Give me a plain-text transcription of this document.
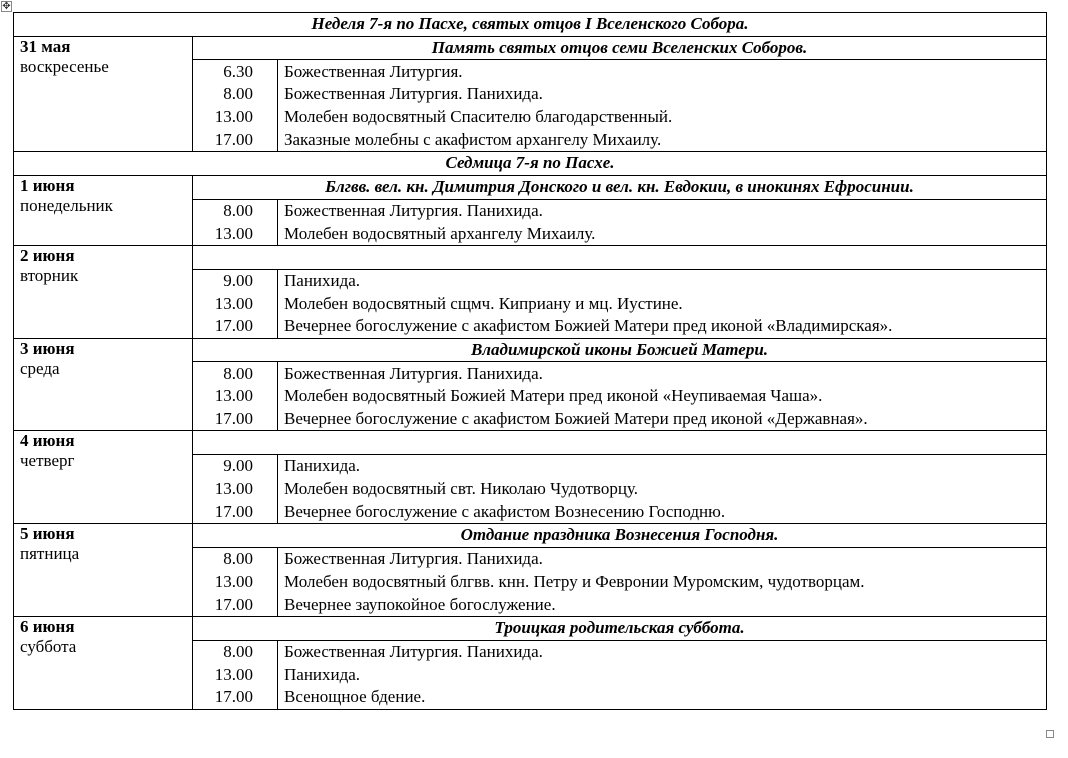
✥
Неделя 7-я по Пасхе, святых отцов I Вселенского Собора.		

31 мая
воскресенье	Память святых отцов семи Вселенских Соборов.	
	6.30	Божественная Литургия.
	8.00	Божественная Литургия. Панихида.
	13.00	Молебен водосвятный Спасителю благодарственный.
	17.00	Заказные молебны с акафистом архангелу Михаилу.
Седмица 7-я по Пасхе.		

1 июня
понедельник	Блгвв. вел. кн. Димитрия Донского и вел. кн. Евдокии, в инокинях Ефросинии.	
	8.00	Божественная Литургия. Панихида.
	13.00	Молебен водосвятный архангелу Михаилу.

2 июня
вторник		

	9.00	Панихида.
	13.00	Молебен водосвятный сщмч. Киприану и мц. Иустине.
	17.00	Вечернее богослужение с акафистом Божией Матери пред иконой «Владимирская».

3 июня
среда	Владимирской иконы Божией Матери.	
	8.00	Божественная Литургия. Панихида.
	13.00	Молебен водосвятный Божией Матери пред иконой «Неупиваемая Чаша».
	17.00	Вечернее богослужение с акафистом Божией Матери пред иконой «Державная».

4 июня
четверг		

	9.00	Панихида.
	13.00	Молебен водосвятный свт. Николаю Чудотворцу.
	17.00	Вечернее богослужение с акафистом Вознесению Господню.

5 июня
пятница	Отдание праздника Вознесения Господня.	
	8.00	Божественная Литургия. Панихида.
	13.00	Молебен водосвятный блгвв. кнн. Петру и Февронии Муромским, чудотворцам.
	17.00	Вечернее заупокойное богослужение.

6 июня
суббота	Троицкая родительская суббота.	
	8.00	Божественная Литургия. Панихида.
	13.00	Панихида.
	17.00	Всенощное бдение.
